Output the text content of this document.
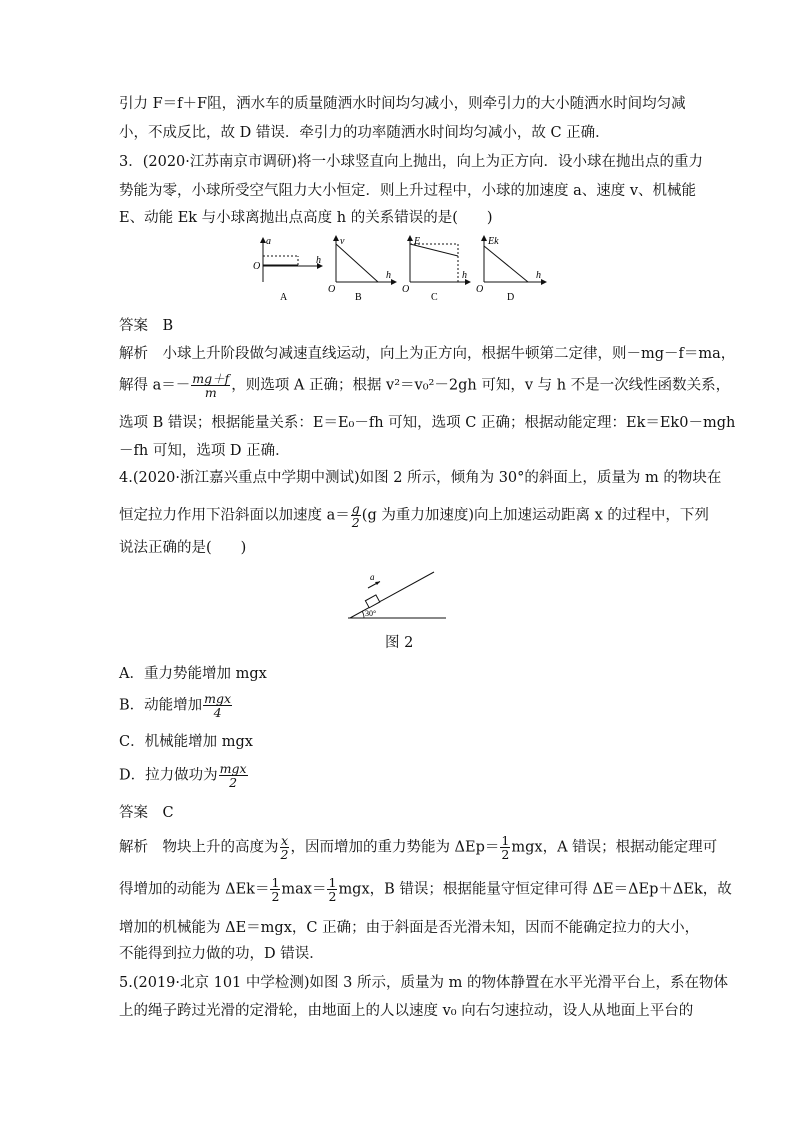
引力 F＝f＋F阻，洒水车的质量随洒水时间均匀减小，则牵引力的大小随洒水时间均匀减
小，不成反比，故 D 错误．牵引力的功率随洒水时间均匀减小，故 C 正确．
3．(2020·江苏南京市调研)将一小球竖直向上抛出，向上为正方向．设小球在抛出点的重力
势能为零，小球所受空气阻力大小恒定．则上升过程中，小球的加速度 a、速度 v、机械能
E、动能 Ek 与小球离抛出点高度 h 的关系错误的是(　　)
a
h
O
A
v
h
O
B
E
h
O
C
Ek
h
O
D
答案　B
解析　小球上升阶段做匀减速直线运动，向上为正方向，根据牛顿第二定律，则－mg－f＝ma，
解得 $a=- \frac{mg+f}{m}$ ，则选项 A 正确；根据 v²＝v₀²－2gh 可知，v 与 h 不是一次线性函数关系，
选项 B 错误；根据能量关系：E＝E₀－fh 可知，选项 C 正确；根据动能定理：Ek＝Ek0－mgh
－fh 可知，选项 D 正确．
4.(2020·浙江嘉兴重点中学期中测试)如图 2 所示，倾角为 30°的斜面上，质量为 m 的物块在
恒定拉力作用下沿斜面以加速度 $a= \frac{g}{2} (g$ 为重力加速度)向上加速运动距离 x 的过程中，下列
说法正确的是(　　)
a
30°
图 2
A．重力势能增加 mgx
B．动能增加 $\frac{\text{mgx}}{4}$
C．机械能增加 mgx
D．拉力做功为 $\frac{\text{mgx}}{2}$
答案　C
解析　物块上升的高度为 $\frac{x}{2}$ ，因而增加的重力势能为 $\Delta Ep= \frac{1}{2}$ mgx，A 错误；根据动能定理可
得增加的动能为 $\Delta Ek= \frac{1}{2} \max= \frac{1}{2}$ mgx，B 错误；根据能量守恒定律可得 ΔE＝ΔEp＋ΔEk，故
增加的机械能为 ΔE＝mgx，C 正确；由于斜面是否光滑未知，因而不能确定拉力的大小，
不能得到拉力做的功，D 错误．
5.(2019·北京 101 中学检测)如图 3 所示，质量为 m 的物体静置在水平光滑平台上，系在物体
上的绳子跨过光滑的定滑轮，由地面上的人以速度 v₀ 向右匀速拉动，设人从地面上平台的
